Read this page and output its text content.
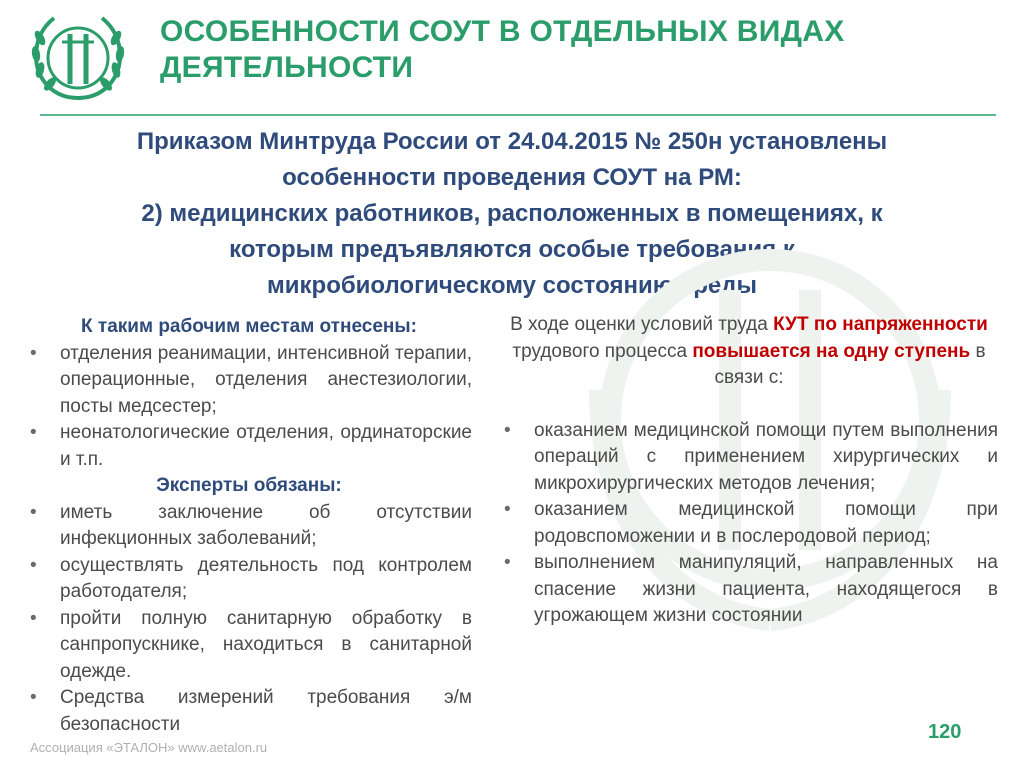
ОСОБЕННОСТИ СОУТ В ОТДЕЛЬНЫХ ВИДАХ
ДЕЯТЕЛЬНОСТИ
Приказом Минтруда России от 24.04.2015 № 250н установлены
особенности проведения СОУТ на РМ:
2) медицинских работников, расположенных в помещениях, к
которым предъявляются особые требования к
микробиологическому состоянию среды
К таким рабочим местам отнесены:
• отделения реанимации, интенсивной терапии, операционные, отделения анестезиологии, посты медсестер;
• неонатологические отделения, ординаторские и т.п.
Эксперты обязаны:
• иметь заключение об отсутствии инфекционных заболеваний;
• осуществлять деятельность под контролем работодателя;
• пройти полную санитарную обработку в санпропускнике, находиться в санитарной одежде.
• Средства измерений требования э/м безопасности
В ходе оценки условий труда КУТ по напряженности трудового процесса повышается на одну ступень в связи с:
• оказанием медицинской помощи путем выполнения операций с применением хирургических и микрохирургических методов лечения;
• оказанием медицинской помощи при родовспоможении и в послеродовой период;
• выполнением манипуляций, направленных на спасение жизни пациента, находящегося в угрожающем жизни состоянии
Ассоциация «ЭТАЛОН» www.aetalon.ru
120
